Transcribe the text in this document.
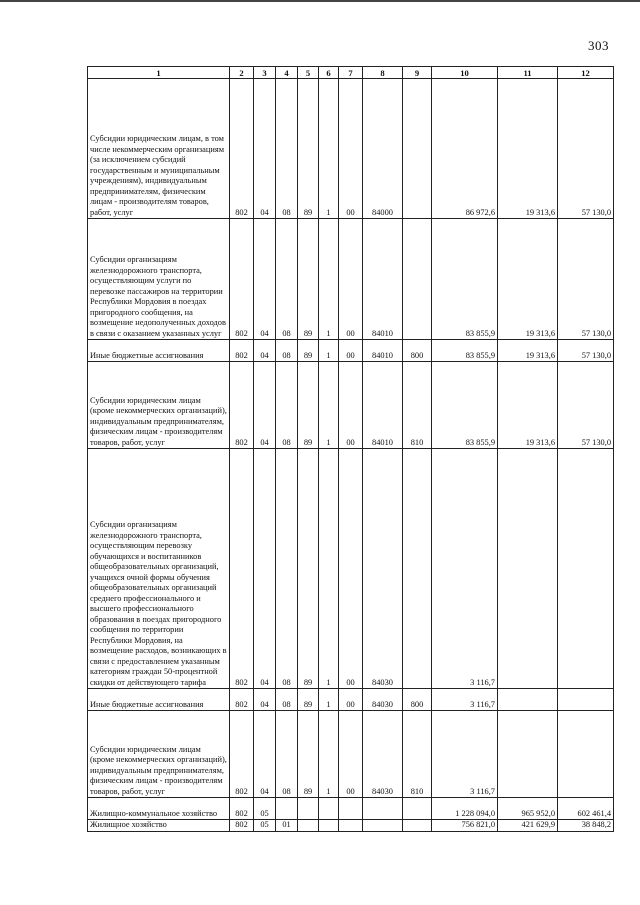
303
1	2	3	4	5	6	7	8	9	10	11	12
Субсидии юридическим лицам, в том числе некоммерческим организациям (за исключением субсидий государственным и муниципальным учреждениям), индивидуальным предпринимателям, физическим лицам - производителям товаров, работ, услуг	802	04	08	89	1	00	84000		86 972,6	19 313,6	57 130,0
Субсидии организациям железнодорожного транспорта, осуществляющим услуги по перевозке пассажиров на территории Республики Мордовия в поездах пригородного сообщения, на возмещение недополученных доходов в связи с оказанием указанных услуг	802	04	08	89	1	00	84010		83 855,9	19 313,6	57 130,0
Иные бюджетные ассигнования	802	04	08	89	1	00	84010	800	83 855,9	19 313,6	57 130,0
Субсидии юридическим лицам (кроме некоммерческих организаций), индивидуальным предпринимателям, физическим лицам - производителям товаров, работ, услуг	802	04	08	89	1	00	84010	810	83 855,9	19 313,6	57 130,0
Субсидии организациям железнодорожного транспорта, осуществляющим перевозку обучающихся и воспитанников общеобразовательных организаций, учащихся очной формы обучения общеобразовательных организаций среднего профессионального и высшего профессионального образования в поездах пригородного сообщения по территории Республики Мордовия, на возмещение расходов, возникающих в связи с предоставлением указанным категориям граждан 50-процентной скидки от действующего тарифа	802	04	08	89	1	00	84030		3 116,7		
Иные бюджетные ассигнования	802	04	08	89	1	00	84030	800	3 116,7		
Субсидии юридическим лицам (кроме некоммерческих организаций), индивидуальным предпринимателям, физическим лицам - производителям товаров, работ, услуг	802	04	08	89	1	00	84030	810	3 116,7		
Жилищно-коммунальное хозяйство	802	05							1 228 094,0	965 952,0	602 461,4
Жилищное хозяйство	802	05	01						756 821,0	421 629,9	38 848,2
